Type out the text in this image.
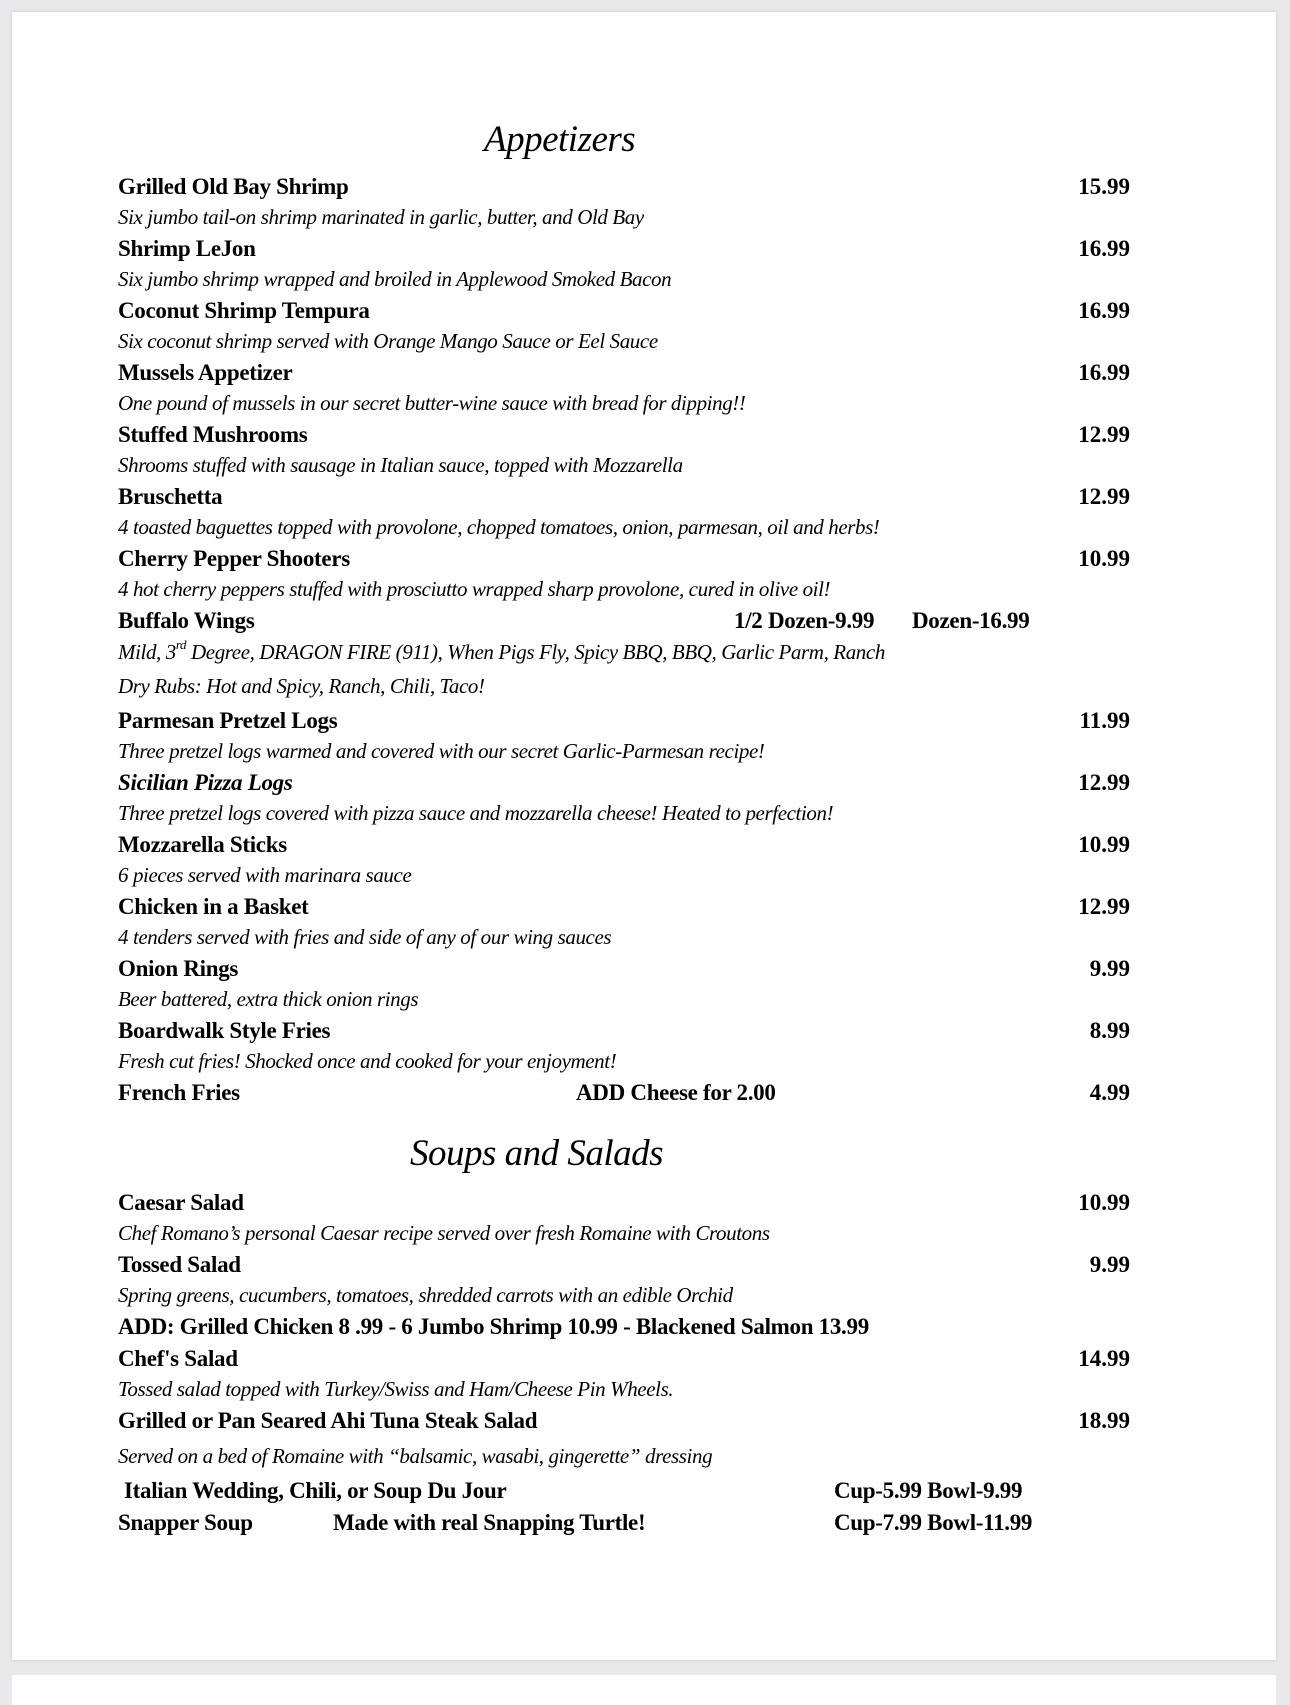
Appetizers
Grilled Old Bay Shrimp	15.99
Six jumbo tail-on shrimp marinated in garlic, butter, and Old Bay
Shrimp LeJon	16.99
Six jumbo shrimp wrapped and broiled in Applewood Smoked Bacon
Coconut Shrimp Tempura	16.99
Six coconut shrimp served with Orange Mango Sauce or Eel Sauce
Mussels Appetizer	16.99
One pound of mussels in our secret butter-wine sauce with bread for dipping!!
Stuffed Mushrooms	12.99
Shrooms stuffed with sausage in Italian sauce, topped with Mozzarella
Bruschetta	12.99
4 toasted baguettes topped with provolone, chopped tomatoes, onion, parmesan, oil and herbs!
Cherry Pepper Shooters	10.99
4 hot cherry peppers stuffed with prosciutto wrapped sharp provolone, cured in olive oil!
Buffalo Wings	1/2 Dozen-9.99 Dozen-16.99
Mild, 3rd Degree, DRAGON FIRE (911), When Pigs Fly, Spicy BBQ, BBQ, Garlic Parm, Ranch
Dry Rubs: Hot and Spicy, Ranch, Chili, Taco!
Parmesan Pretzel Logs	11.99
Three pretzel logs warmed and covered with our secret Garlic-Parmesan recipe!
Sicilian Pizza Logs	12.99
Three pretzel logs covered with pizza sauce and mozzarella cheese! Heated to perfection!
Mozzarella Sticks	10.99
6 pieces served with marinara sauce
Chicken in a Basket	12.99
4 tenders served with fries and side of any of our wing sauces
Onion Rings	9.99
Beer battered, extra thick onion rings
Boardwalk Style Fries	8.99
Fresh cut fries! Shocked once and cooked for your enjoyment!
French Fries	ADD Cheese for 2.00	4.99
Soups and Salads
Caesar Salad	10.99
Chef Romano’s personal Caesar recipe served over fresh Romaine with Croutons
Tossed Salad	9.99
Spring greens, cucumbers, tomatoes, shredded carrots with an edible Orchid
ADD: Grilled Chicken 8 .99 - 6 Jumbo Shrimp 10.99 - Blackened Salmon 13.99
Chef's Salad	14.99
Tossed salad topped with Turkey/Swiss and Ham/Cheese Pin Wheels.
Grilled or Pan Seared Ahi Tuna Steak Salad	18.99
Served on a bed of Romaine with “balsamic, wasabi, gingerette” dressing
Italian Wedding, Chili, or Soup Du Jour	Cup-5.99 Bowl-9.99
Snapper Soup	Made with real Snapping Turtle!	Cup-7.99 Bowl-11.99
